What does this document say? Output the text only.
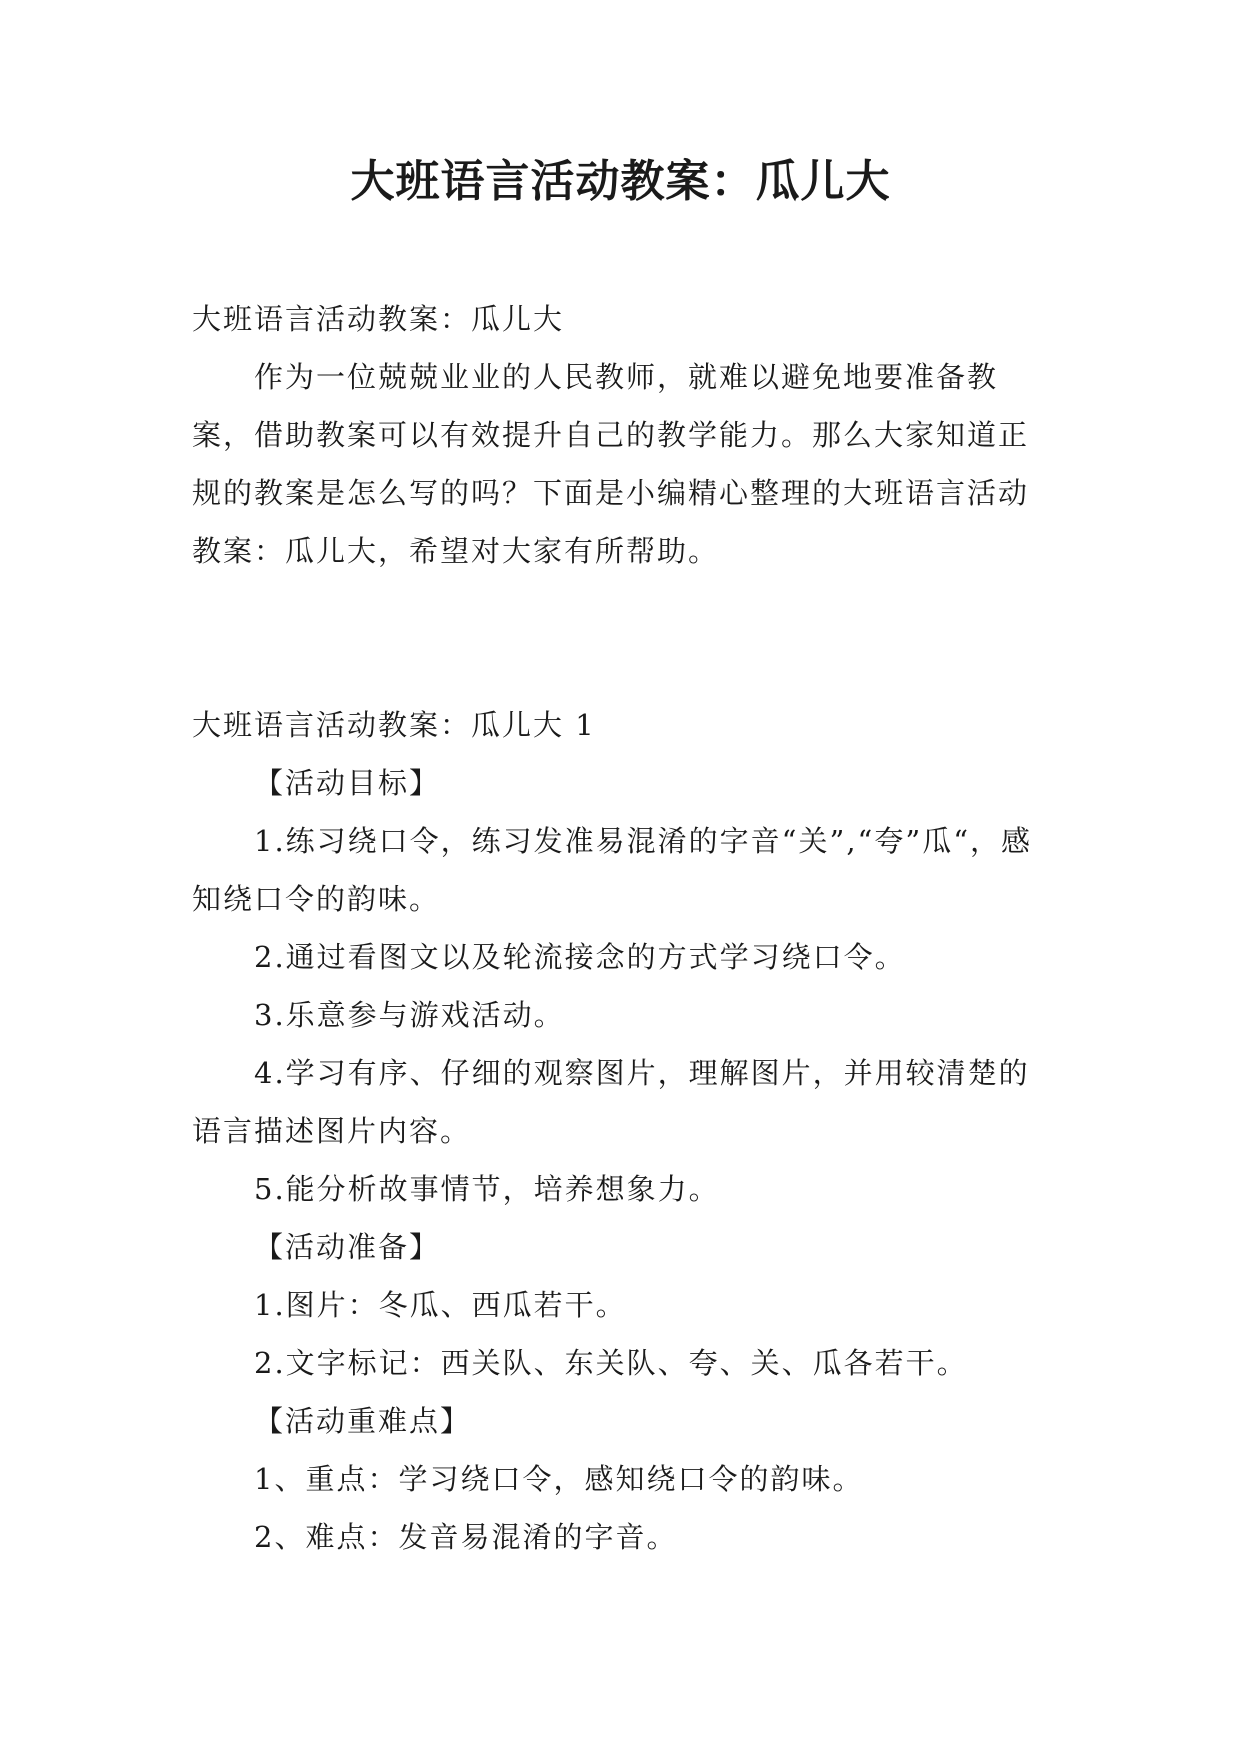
大班语言活动教案：瓜儿大

大班语言活动教案：瓜儿大

作为一位兢兢业业的人民教师，就难以避免地要准备教案，借助教案可以有效提升自己的教学能力。那么大家知道正规的教案是怎么写的吗？下面是小编精心整理的大班语言活动教案：瓜儿大，希望对大家有所帮助。

大班语言活动教案：瓜儿大 1

【活动目标】

1.练习绕口令，练习发准易混淆的字音“关”,“夸”瓜“，感知绕口令的韵味。

2.通过看图文以及轮流接念的方式学习绕口令。

3.乐意参与游戏活动。

4.学习有序、仔细的观察图片，理解图片，并用较清楚的语言描述图片内容。

5.能分析故事情节，培养想象力。

【活动准备】

1.图片：冬瓜、西瓜若干。

2.文字标记：西关队、东关队、夸、关、瓜各若干。

【活动重难点】

1、重点：学习绕口令，感知绕口令的韵味。

2、难点：发音易混淆的字音。
